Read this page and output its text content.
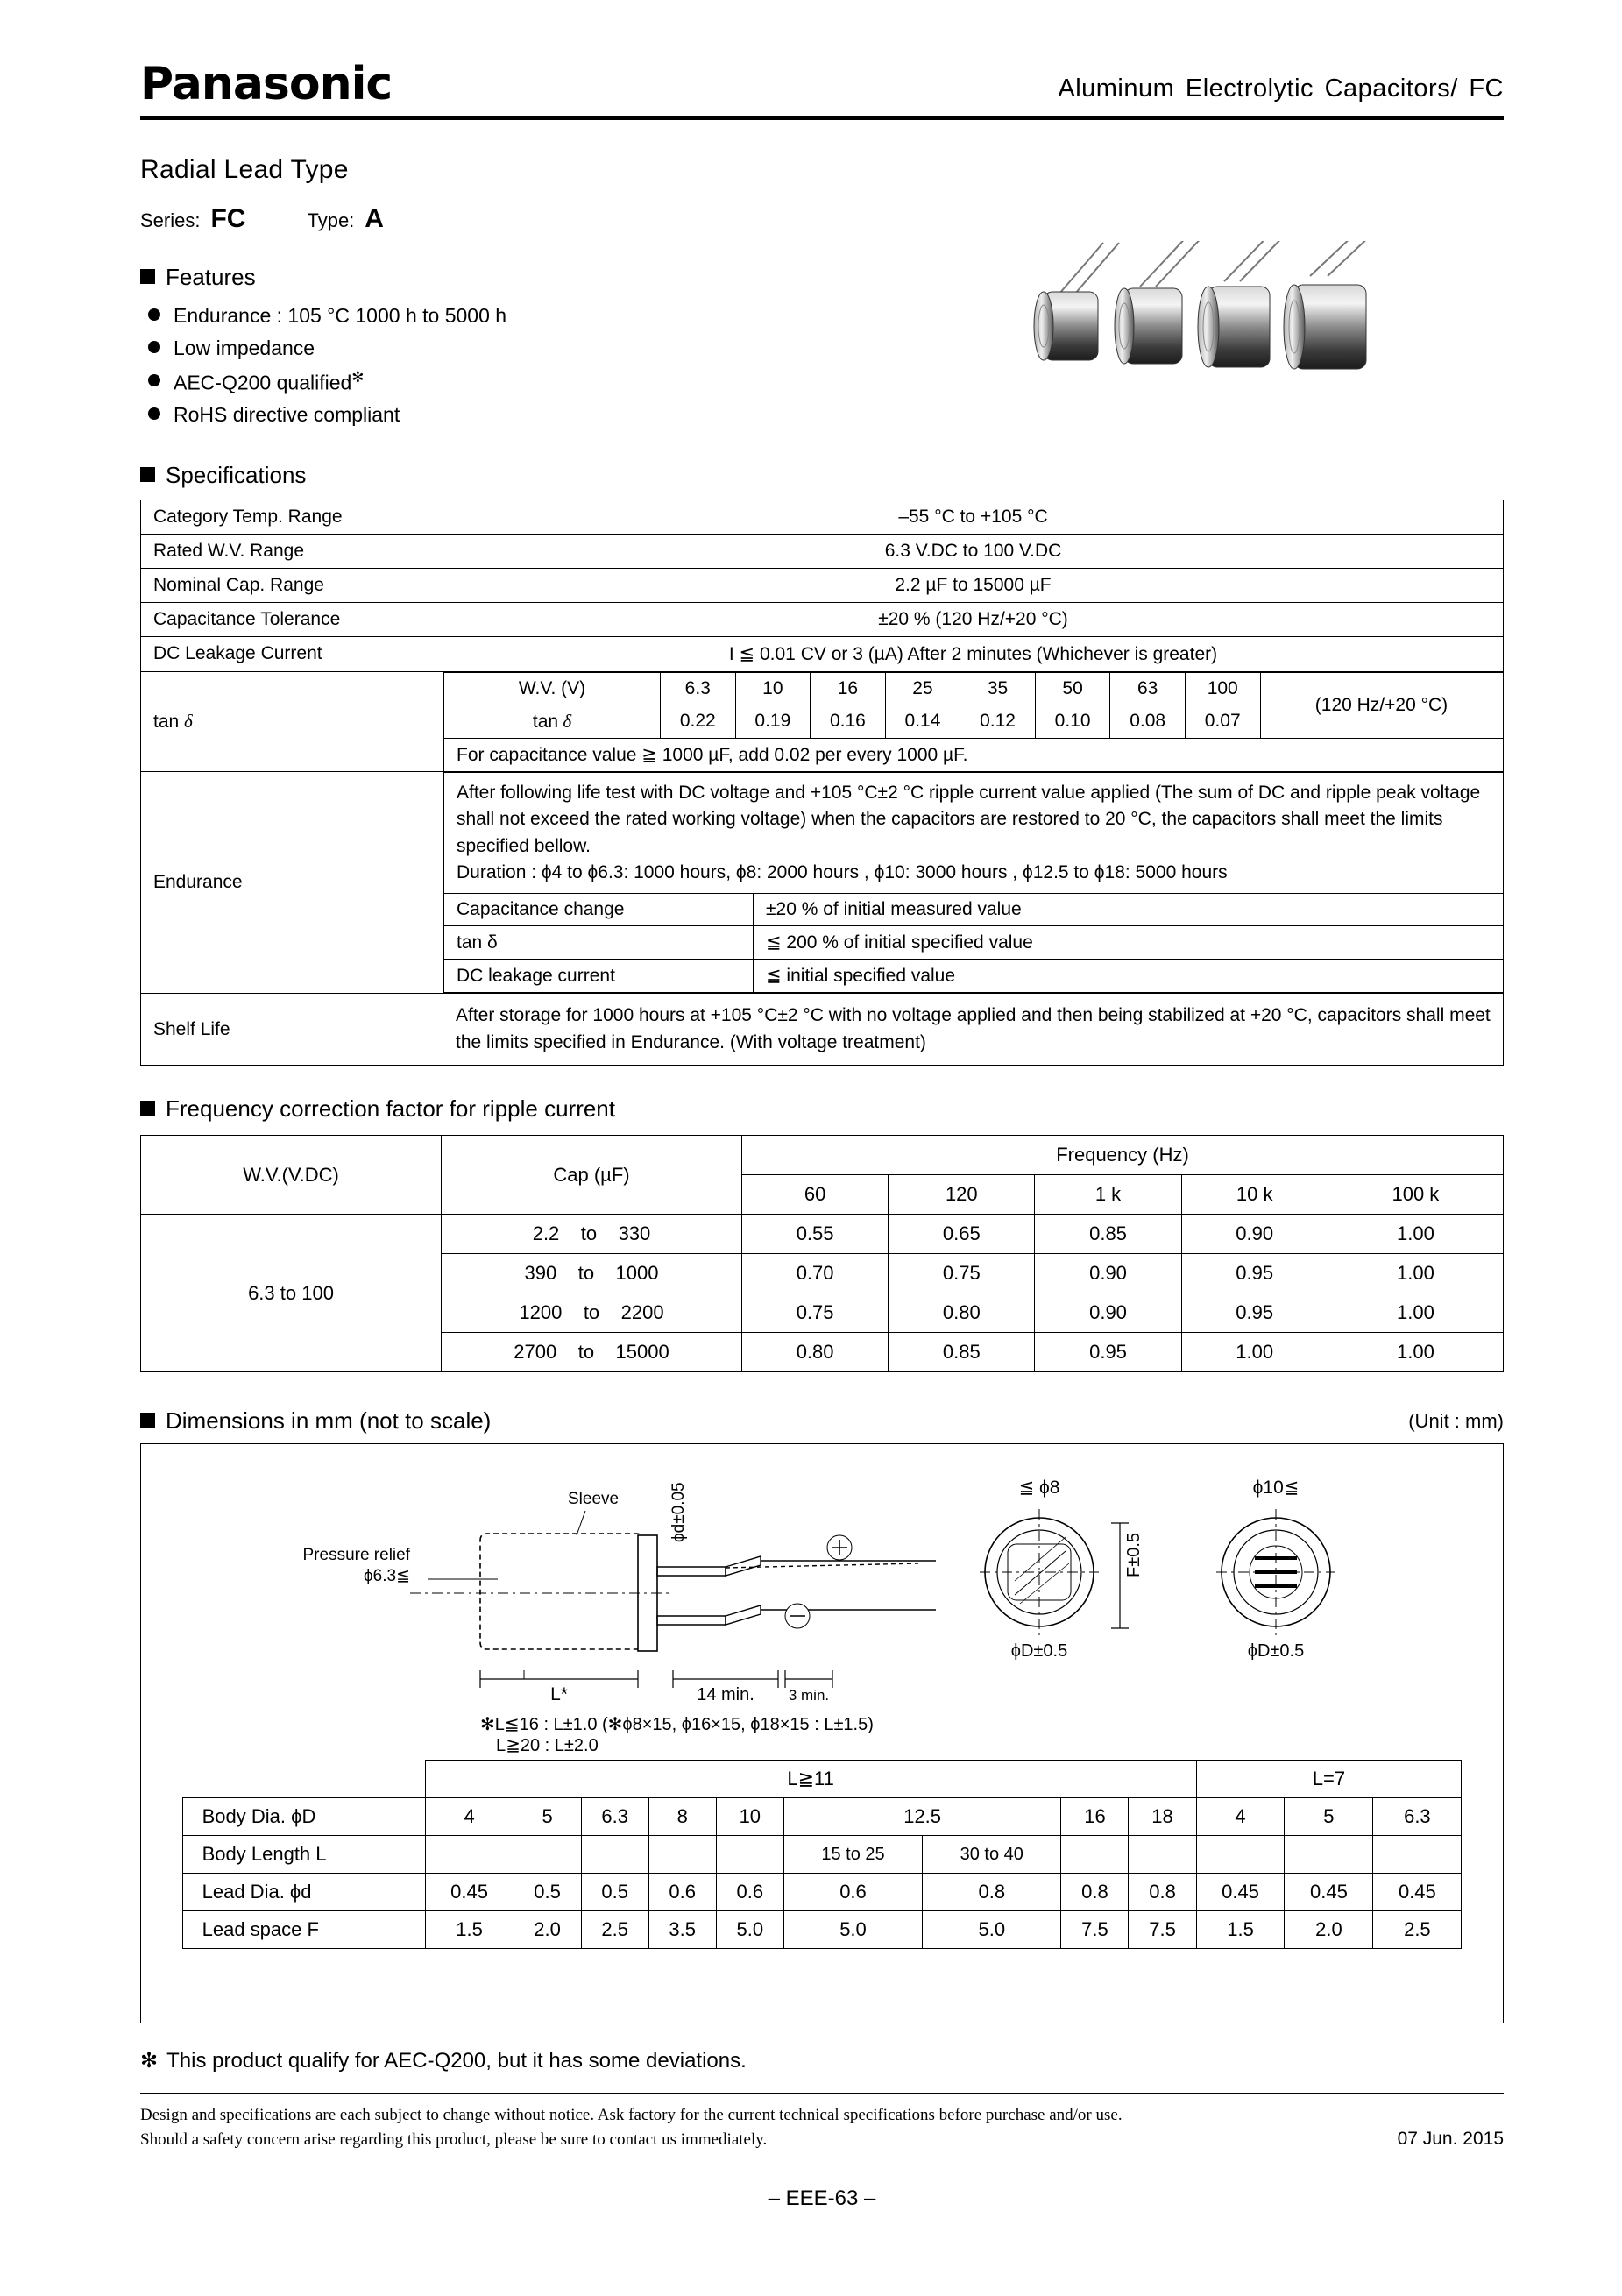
Panasonic	Aluminum Electrolytic Capacitors/ FC
Radial Lead Type
Series: FC	Type: A
Features
Endurance : 105 °C 1000 h to 5000 h
Low impedance
AEC-Q200 qualified✻
RoHS directive compliant
Specifications
Category Temp. Range	–55 °C to +105 °C
Rated W.V. Range	6.3 V.DC to 100 V.DC
Nominal Cap. Range	2.2 µF to 15000 µF
Capacitance Tolerance	±20 % (120 Hz/+20 °C)
DC Leakage Current	I ≦ 0.01 CV or 3 (µA) After 2 minutes (Whichever is greater)
tan δ	
W.V. (V)	6.3	10	16	25	35	50	63	100	(120 Hz/+20 °C)
tan δ	0.22	0.19	0.16	0.14	0.12	0.10	0.08	0.07
For capacitance value ≧ 1000 µF, add 0.02 per every 1000 µF.

Endurance	
After following life test with DC voltage and +105 °C±2 °C ripple current value applied (The sum of DC and ripple peak voltage shall not exceed the rated working voltage) when the capacitors are restored to 20 °C, the capacitors shall meet the limits specified bellow.
Duration : ϕ4 to ϕ6.3: 1000 hours, ϕ8: 2000 hours , ϕ10: 3000 hours , ϕ12.5 to ϕ18: 5000 hours

Capacitance change	±20 % of initial measured value
tan δ	≦ 200 % of initial specified value
DC leakage current	≦ initial specified value

Shelf Life	After storage for 1000 hours at +105 °C±2 °C with no voltage applied and then being stabilized at +20 °C, capacitors shall meet the limits specified in Endurance. (With voltage treatment)
Frequency correction factor for ripple current
W.V.(V.DC)	Cap (µF)	Frequency (Hz)				
		60	120	1 k	10 k	100 k
6.3 to 100	2.2 to 330	0.55	0.65	0.85	0.90	1.00
	390 to 1000	0.70	0.75	0.90	0.95	1.00
	1200 to 2200	0.75	0.80	0.90	0.95	1.00
	2700 to 15000	0.80	0.85	0.95	1.00	1.00
Dimensions in mm (not to scale)	(Unit : mm)
Pressure relief
ϕ6.3≦
Sleeve	ϕd±0.05
L*	14 min. 3 min.
✻L≦16 : L±1.0 (✻ϕ8×15, ϕ16×15, ϕ18×15 : L±1.5)
L≧20 : L±2.0
≦ ϕ8
ϕD±0.5
F±0.5
ϕ10≦
ϕD±0.5
	L≧11									L=7		
Body Dia. ϕD	4	5	6.3	8	10	12.5		16	18	4	5	6.3
Body Length L						15 to 25	30 to 40					
Lead Dia. ϕd	0.45	0.5	0.5	0.6	0.6	0.6	0.8	0.8	0.8	0.45	0.45	0.45
Lead space F	1.5	2.0	2.5	3.5	5.0	5.0	5.0	7.5	7.5	1.5	2.0	2.5
✻ This product qualify for AEC-Q200, but it has some deviations.
Design and specifications are each subject to change without notice. Ask factory for the current technical specifications before purchase and/or use.
Should a safety concern arise regarding this product, please be sure to contact us immediately.	07 Jun. 2015
– EEE-63 –
